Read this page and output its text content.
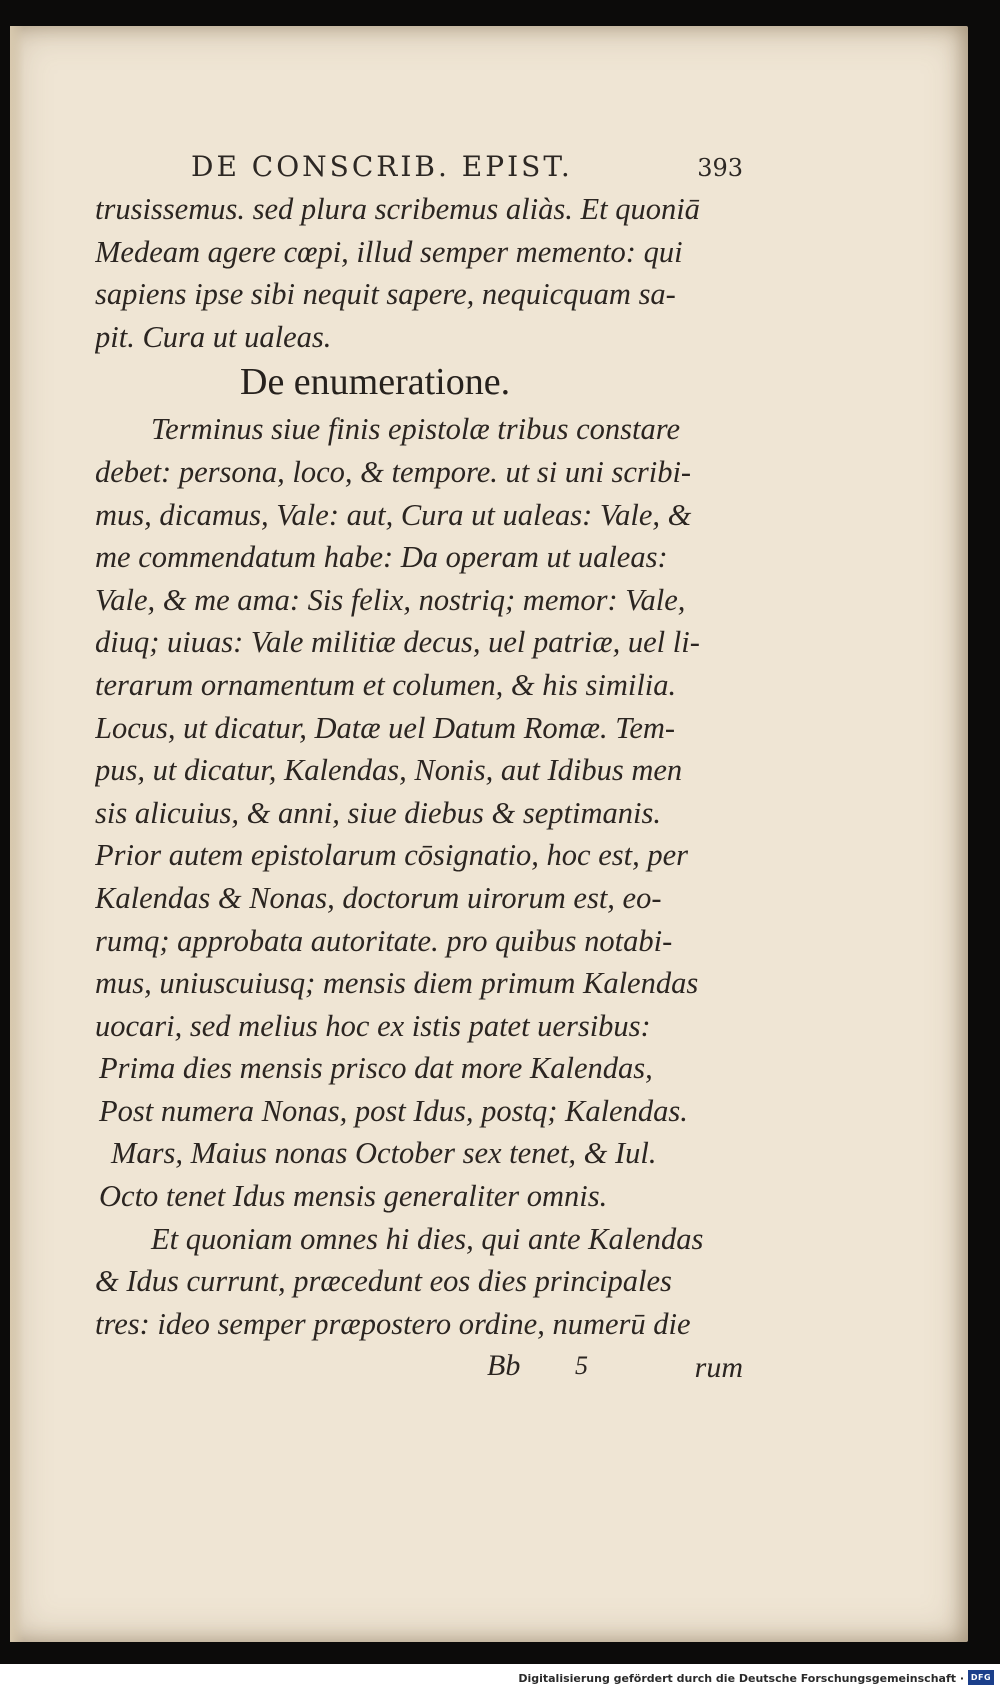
DE CONSCRIB. EPIST.	393
trusissemus. sed plura scribemus aliàs. Et quoniā
Medeam agere cœpi, illud semper memento: qui
sapiens ipse sibi nequit sapere, nequicquam sa-
pit. Cura ut ualeas.
De enumeratione.
Terminus siue finis epistolæ tribus constare
debet: persona, loco, & tempore. ut si uni scribi-
mus, dicamus, Vale: aut, Cura ut ualeas: Vale, &
me commendatum habe: Da operam ut ualeas:
Vale, & me ama: Sis felix, nostriq; memor: Vale,
diuq; uiuas: Vale militiæ decus, uel patriæ, uel li-
terarum ornamentum et columen, & his similia.
Locus, ut dicatur, Datæ uel Datum Romæ. Tem-
pus, ut dicatur, Kalendas, Nonis, aut Idibus men
sis alicuius, & anni, siue diebus & septimanis.
Prior autem epistolarum cōsignatio, hoc est, per
Kalendas & Nonas, doctorum uirorum est, eo-
rumq; approbata autoritate. pro quibus notabi-
mus, uniuscuiusq; mensis diem primum Kalendas
uocari, sed melius hoc ex istis patet uersibus:
Prima dies mensis prisco dat more Kalendas,
Post numera Nonas, post Idus, postq; Kalendas.
Mars, Maius nonas October sex tenet, & Iul.
Octo tenet Idus mensis generaliter omnis.
Et quoniam omnes hi dies, qui ante Kalendas
& Idus currunt, præcedunt eos dies principales
tres: ideo semper præpostero ordine, numerū die
Bb 5	rum
Digitalisierung gefördert durch die Deutsche Forschungsgemeinschaft · DFG
